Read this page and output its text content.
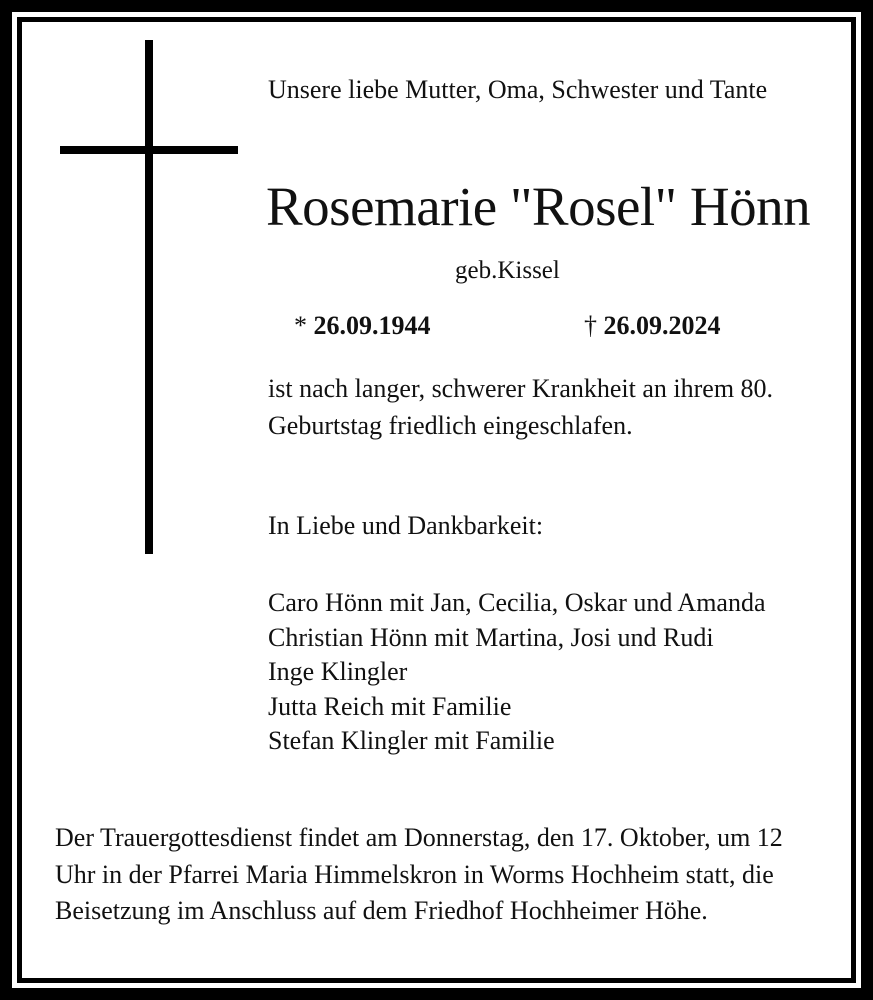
Unsere liebe Mutter, Oma, Schwester und Tante
Rosemarie "Rosel" Hönn
geb.Kissel
* 26.09.1944	† 26.09.2024
ist nach langer, schwerer Krankheit an ihrem 80. Geburtstag friedlich eingeschlafen.
In Liebe und Dankbarkeit:
Caro Hönn mit Jan, Cecilia, Oskar und Amanda
Christian Hönn mit Martina, Josi und Rudi
Inge Klingler
Jutta Reich mit Familie
Stefan Klingler mit Familie
Der Trauergottesdienst findet am Donnerstag, den 17. Oktober, um 12 Uhr in der Pfarrei Maria Himmelskron in Worms Hochheim statt, die Beisetzung im Anschluss auf dem Friedhof Hochheimer Höhe.
